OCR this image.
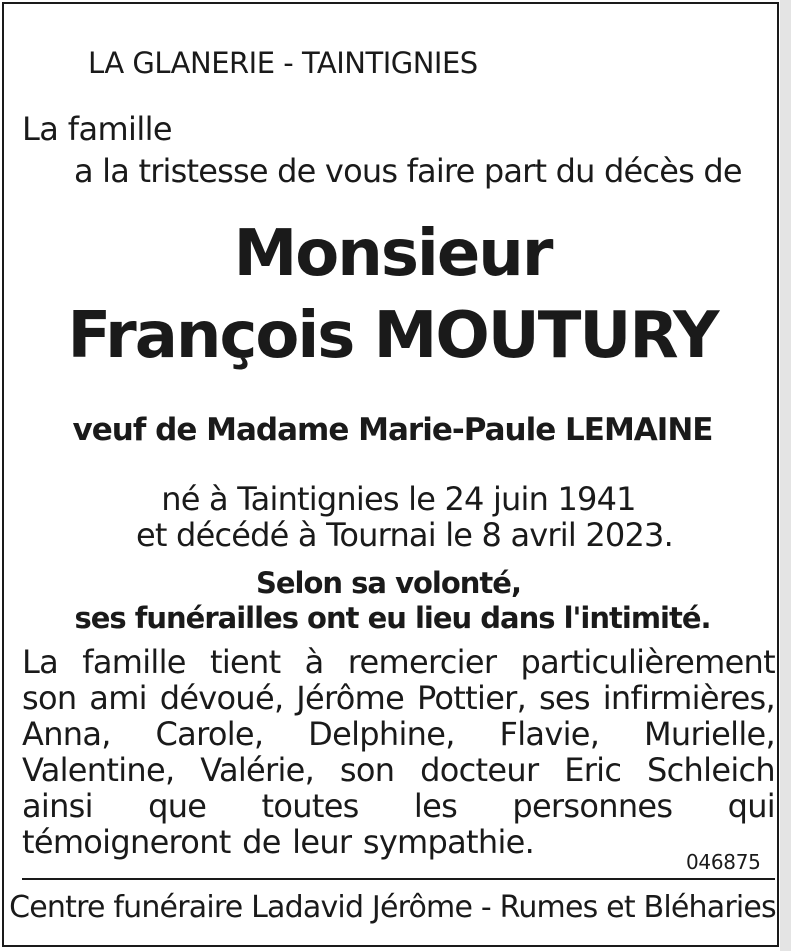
LA GLANERIE - TAINTIGNIES
La famille
a la tristesse de vous faire part du décès de
Monsieur
François MOUTURY
veuf de Madame Marie-Paule LEMAINE
né à Taintignies le 24 juin 1941
et décédé à Tournai le 8 avril 2023.
Selon sa volonté,
ses funérailles ont eu lieu dans l'intimité.
La famille tient à remercier particulièrement son ami dévoué, Jérôme Pottier, ses infirmières, Anna, Carole, Delphine, Flavie, Murielle, Valentine, Valérie, son docteur Eric Schleich ainsi que toutes les personnes qui témoigneront de leur sympathie.
046875
Centre funéraire Ladavid Jérôme - Rumes et Bléharies
